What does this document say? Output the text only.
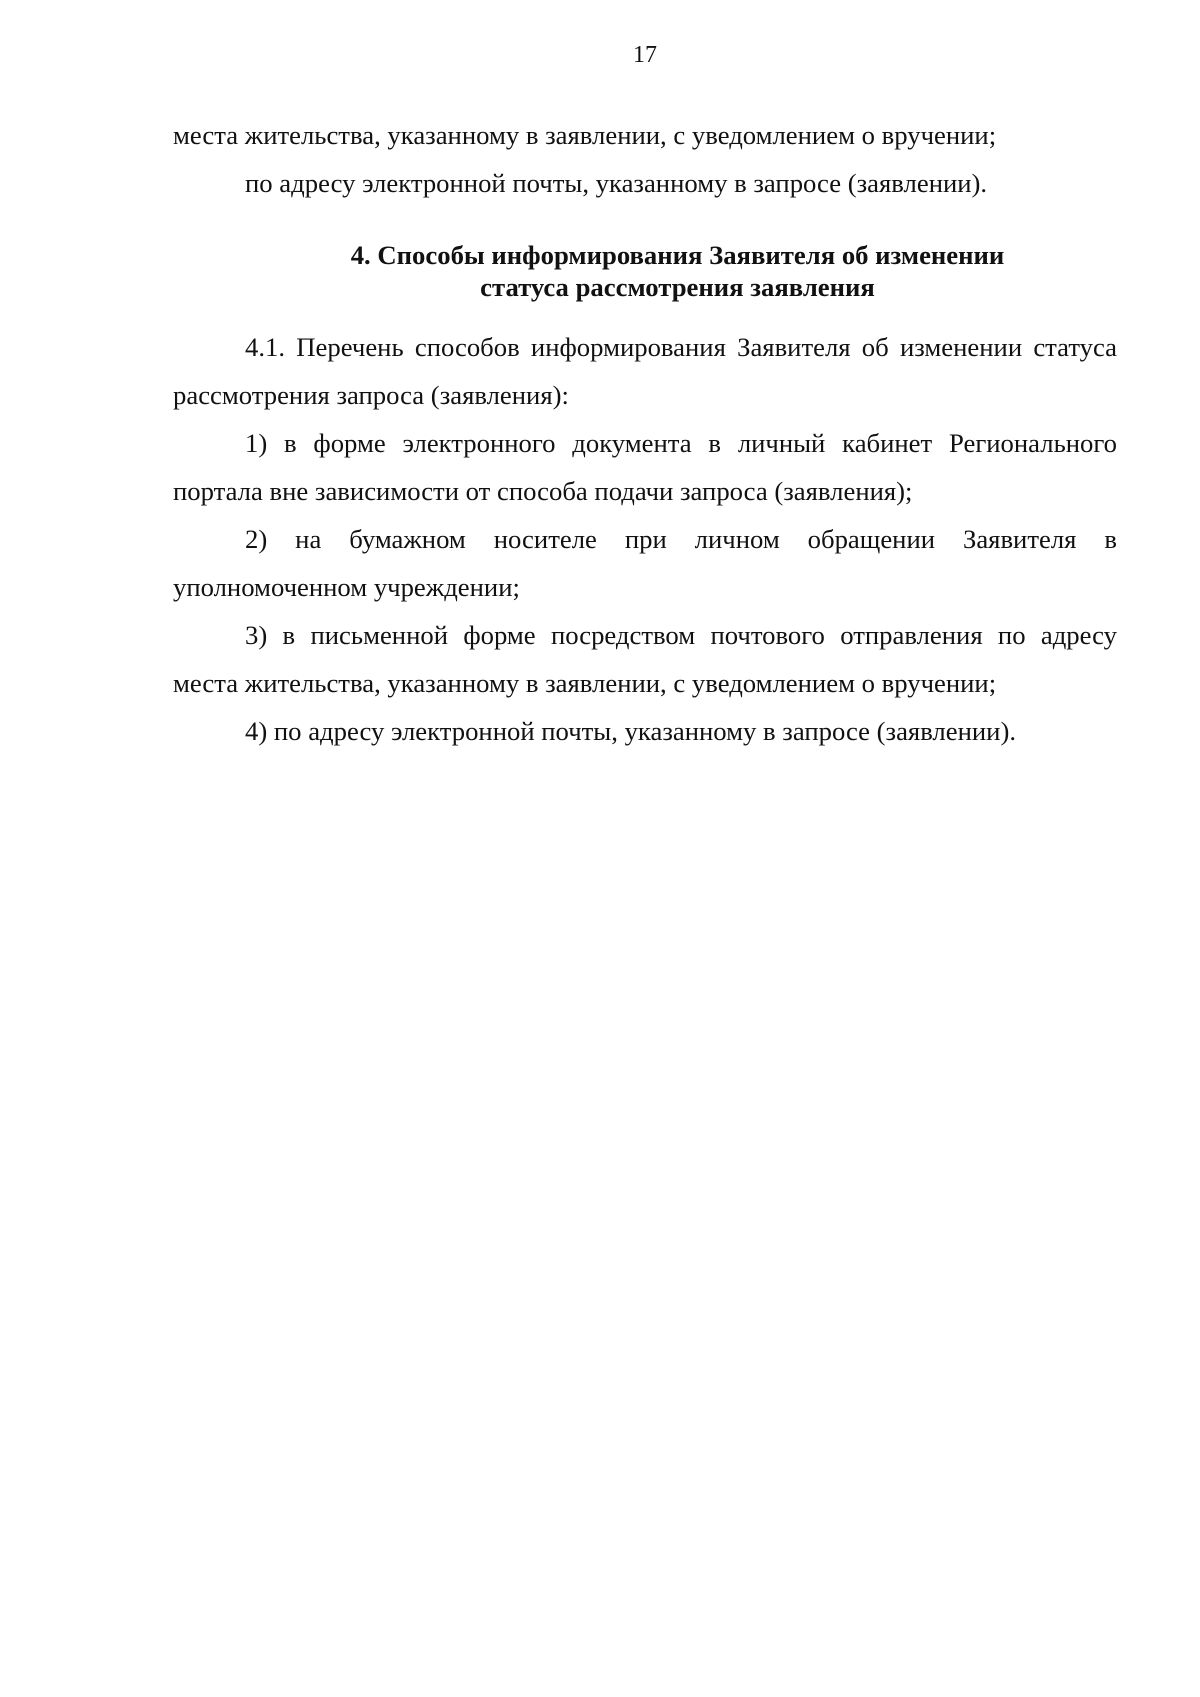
17

места жительства, указанному в заявлении, с уведомлением о вручении;

по адресу электронной почты, указанному в запросе (заявлении).

4. Способы информирования Заявителя об изменении
статуса рассмотрения заявления

4.1. Перечень способов информирования Заявителя об изменении статуса рассмотрения запроса (заявления):

1) в форме электронного документа в личный кабинет Регионального портала вне зависимости от способа подачи запроса (заявления);

2) на бумажном носителе при личном обращении Заявителя в уполномоченном учреждении;

3) в письменной форме посредством почтового отправления по адресу места жительства, указанному в заявлении, с уведомлением о вручении;

4) по адресу электронной почты, указанному в запросе (заявлении).
